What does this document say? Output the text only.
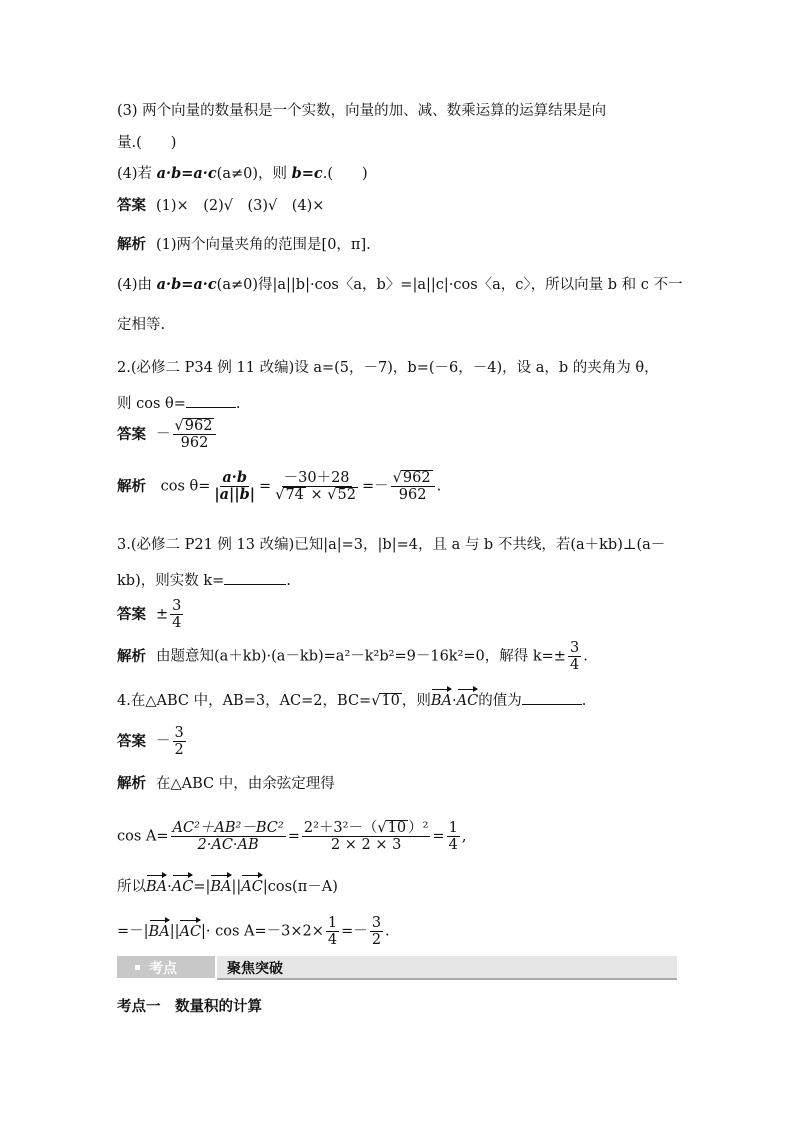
(3) 两个向量的数量积是一个实数，向量的加、减、数乘运算的运算结果是向
量.(　　)
(4)若 a·b=a·c(a≠0)，则 b=c.(　　)
答案 (1)×　(2)√　(3)√　(4)×
解析 (1)两个向量夹角的范围是[0，π].
(4)由 a·b=a·c(a≠0)得|a||b|·cos〈a，b〉=|a||c|·cos〈a，c〉，所以向量 b 和 c 不一
定相等.
2.(必修二 P34 例 11 改编)设 a=(5，－7)，b=(－6，－4)，设 a，b 的夹角为 θ，
则 cos θ=	.
答案 － $\frac{√962}{962}$
解析 $\cos \theta= \frac{a\cdot b}{|a||b|} = \frac{-30+28}{√74 \times √52} =- \frac{√962}{962}$ .
3.(必修二 P21 例 13 改编)已知|a|=3，|b|=4，且 a 与 b 不共线，若(a＋kb)⊥(a－
kb)，则实数 k=	.
答案 ± $\frac{3}{4}$
解析 由题意知(a＋kb)·(a－kb)=a²－k²b²=9－16k²=0，解得 $k=\pm \frac{3}{4}$ .
4.在△ABC 中，AB=3，AC=2，BC=√10 ，则BA·AC的值为	.
答案 － $\frac{3}{2}$
解析 在△ABC 中，由余弦定理得
$\cos A= \frac{\text{AC²＋AB²－BC²}}{2\cdot AC\cdot AB} = \frac{\text{2²＋3²－（√10 ）²}}{2 \times 2 \times 3} = \frac{1}{4}$ ,
所以BA·AC=|BA||AC|cos(π－A)
$=-|BA||AC|\cdot \cos A=-3\times 2\times \frac{1}{4} =- \frac{3}{2}$ .
考点	聚焦突破
考点一　 数量积的计算
